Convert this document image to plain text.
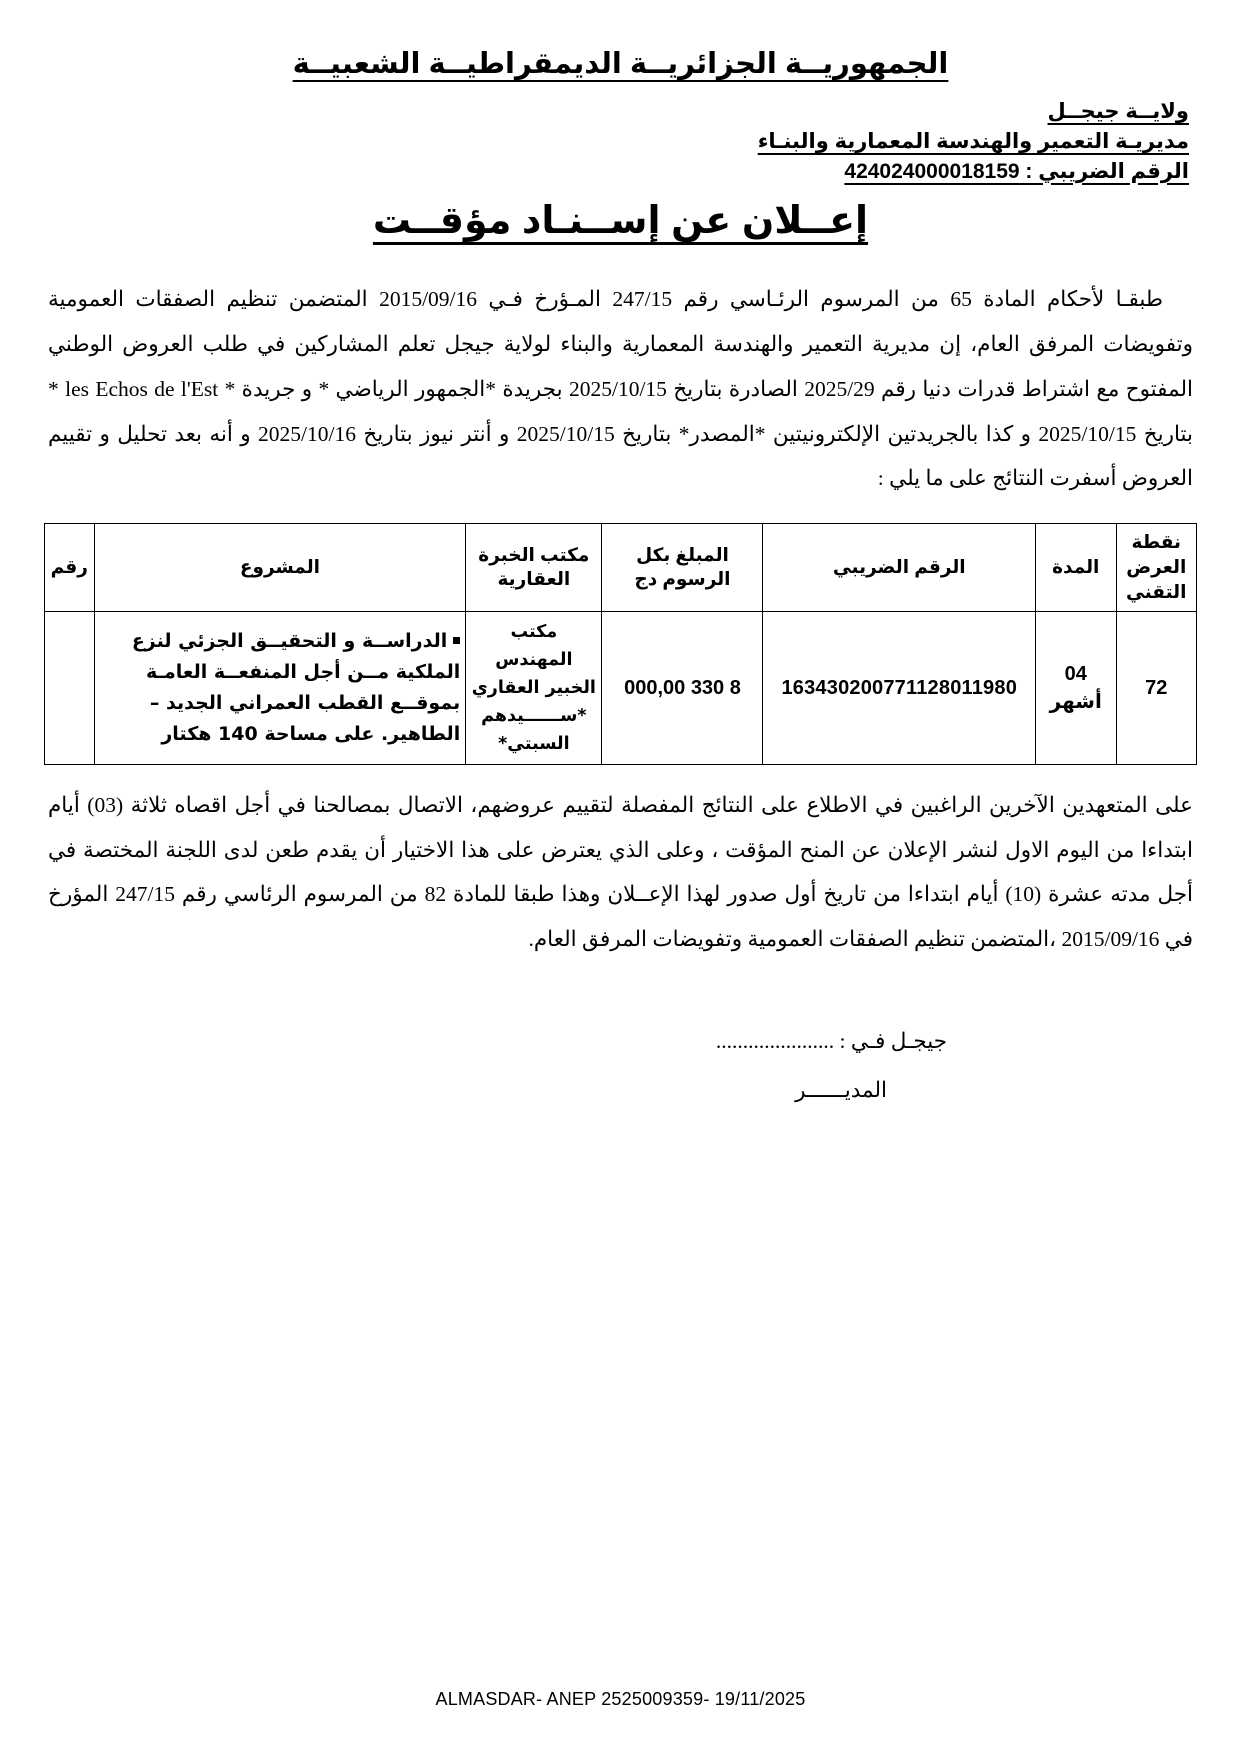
الجمهوريــة الجزائريــة الديمقراطيــة الشعبيــة
ولايــة جيجــل
مديريـة التعمير والهندسة المعمارية والبنـاء
الرقم الضريبي : 424024000018159
إعــلان عن إســنـاد مؤقــت

طبقـا لأحكام المادة 65 من المرسوم الرئـاسي رقم 247/15 المـؤرخ فـي 2015/09/16 المتضمن تنظيم الصفقات العمومية وتفويضات المرفق العام، إن مديرية التعمير والهندسة المعمارية والبناء لولاية جيجل تعلم المشاركين في طلب العروض الوطني المفتوح مع اشتراط قدرات دنيا رقم 2025/29 الصادرة بتاريخ 2025/10/15 بجريدة *الجمهور الرياضي * و جريدة * les Echos de l'Est * بتاريخ 2025/10/15 و كذا بالجريدتين الإلكترونيتين *المصدر* بتاريخ 2025/10/15 و أنتر نيوز بتاريخ 2025/10/16 و أنه بعد تحليل و تقييم العروض أسفرت النتائج على ما يلي :

نقطة العرض التقني	المدة	الرقم الضريبي	المبلغ بكل الرسوم دج	مكتب الخبرة العقارية	المشروع	رقم
72	04 أشهر	163430200771128011980	8 330 000,00	مكتب المهندس الخبير العقاري *ســــــيدهم السبتي*	الدراســة و التحقيــق الجزئي لنزع الملكية مــن أجل المنفعــة العامـة بموقــع القطب العمراني الجديد – الطاهير. على مساحة 140 هكتار	

على المتعهدين الآخرين الراغبين في الاطلاع على النتائج المفصلة لتقييم عروضهم، الاتصال بمصالحنا في أجل اقصاه ثلاثة (03) أيام ابتداءا من اليوم الاول لنشر الإعلان عن المنح المؤقت ، وعلى الذي يعترض على هذا الاختيار أن يقدم طعن لدى اللجنة المختصة في أجل مدته عشرة (10) أيام ابتداءا من تاريخ أول صدور لهذا الإعــلان وهذا طبقا للمادة 82 من المرسوم الرئاسي رقم 247/15 المؤرخ في 2015/09/16 ،المتضمن تنظيم الصفقات العمومية وتفويضات المرفق العام.

جيجـل فـي : ......................
المديــــــر
ALMASDAR- ANEP 2525009359- 19/11/2025
